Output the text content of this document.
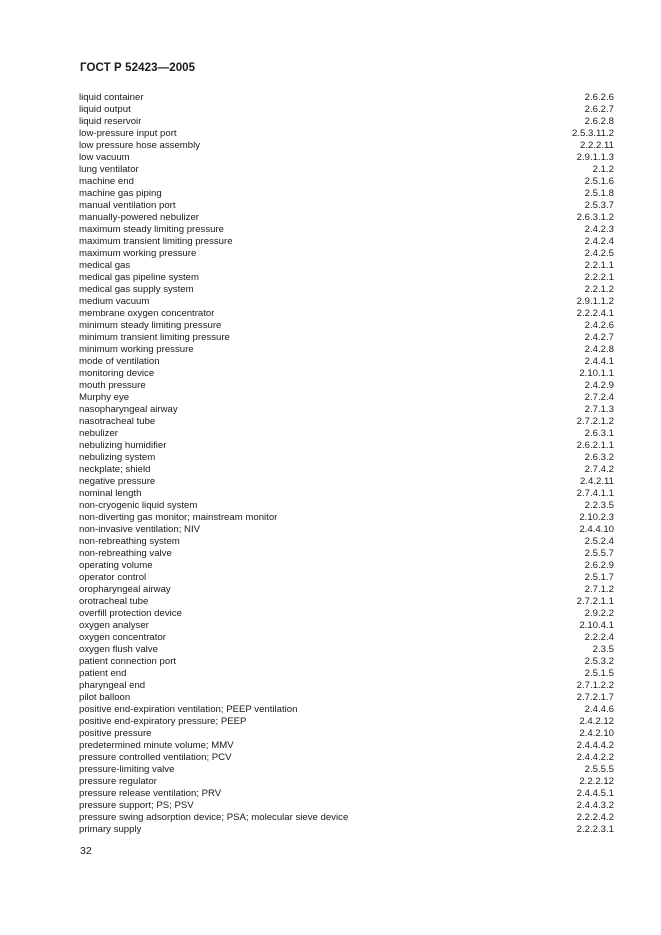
ГОСТ Р 52423—2005
liquid container	2.6.2.6
liquid output	2.6.2.7
liquid reservoir	2.6.2.8
low-pressure input port	2.5.3.11.2
low pressure hose assembly	2.2.2.11
low vacuum	2.9.1.1.3
lung ventilator	2.1.2
machine end	2.5.1.6
machine gas piping	2.5.1.8
manual ventilation port	2.5.3.7
manually-powered nebulizer	2.6.3.1.2
maximum steady limiting pressure	2.4.2.3
maximum transient limiting pressure	2.4.2.4
maximum working pressure	2.4.2.5
medical gas	2.2.1.1
medical gas pipeline system	2.2.2.1
medical gas supply system	2.2.1.2
medium vacuum	2.9.1.1.2
membrane oxygen concentrator	2.2.2.4.1
minimum steady limiting pressure	2.4.2.6
minimum transient limiting pressure	2.4.2.7
minimum working pressure	2.4.2.8
mode of ventilation	2.4.4.1
monitoring device	2.10.1.1
mouth pressure	2.4.2.9
Murphy eye	2.7.2.4
nasopharyngeal airway	2.7.1.3
nasotracheal tube	2.7.2.1.2
nebulizer	2.6.3.1
nebulizing humidifier	2.6.2.1.1
nebulizing system	2.6.3.2
neckplate; shield	2.7.4.2
negative pressure	2.4.2.11
nominal length	2.7.4.1.1
non-cryogenic liquid system	2.2.3.5
non-diverting gas monitor; mainstream monitor	2.10.2.3
non-invasive ventilation; NIV	2.4.4.10
non-rebreathing system	2.5.2.4
non-rebreathing valve	2.5.5.7
operating volume	2.6.2.9
operator control	2.5.1.7
oropharyngeal airway	2.7.1.2
orotracheal tube	2.7.2.1.1
overfill protection device	2.9.2.2
oxygen analyser	2.10.4.1
oxygen concentrator	2.2.2.4
oxygen flush valve	2.3.5
patient connection port	2.5.3.2
patient end	2.5.1.5
pharyngeal end	2.7.1.2.2
pilot balloon	2.7.2.1.7
positive end-expiration ventilation; PEEP ventilation	2.4.4.6
positive end-expiratory pressure; PEEP	2.4.2.12
positive pressure	2.4.2.10
predetermined minute volume; MMV	2.4.4.4.2
pressure controlled ventilation; PCV	2.4.4.2.2
pressure-limiting valve	2.5.5.5
pressure regulator	2.2.2.12
pressure release ventilation; PRV	2.4.4.5.1
pressure support; PS; PSV	2.4.4.3.2
pressure swing adsorption device; PSA; molecular sieve device	2.2.2.4.2
primary supply	2.2.2.3.1
32
